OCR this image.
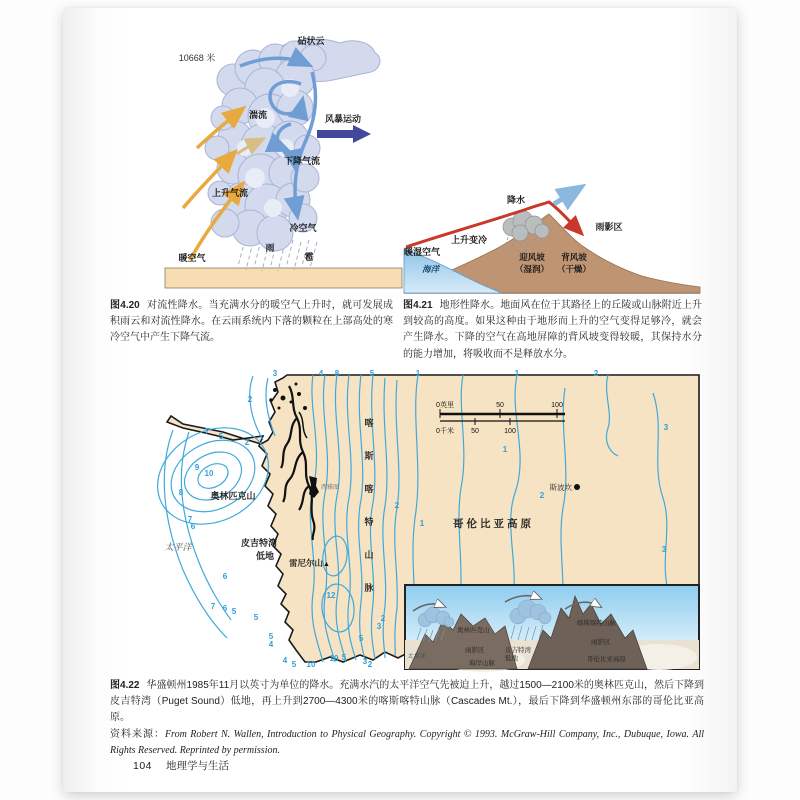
10668 米
砧状云
湍流	风暴运动
下降气流
上升气流
冷空气
暖空气
雨
雹

图4.20 对流性降水。当充满水分的暖空气上升时，就可发展成积雨云和对流性降水。在云雨系统内下落的颗粒在上部高处的寒冷空气中产生下降气流。

降水
雨影区
上升变冷
暖湿空气	迎风坡
（湿润）
背风坡
（干燥）
海洋

图4.21 地形性降水。地面风在位于其路径上的丘陵或山脉附近上升到较高的高度。如果这种由于地形而上升的空气变得足够冷，就会产生降水。下降的空气在高地屏障的背风坡变得较暖，其保持水分的能力增加，将吸收而不是释放水分。

3	4 8	5	1	1	2
2
7
5
2
3
3
9
10
8
7
6
6
1
2
1
2
12
2
3
5
7 6 5
5
5
4
4 5 10
10 5 3 2
西雅图
奥林匹克山
太平洋	皮吉特湾
低地
雷尼尔山 ▲
喀
斯
喀
特
山
脉
哥伦比亚高原
斯波坎
0英里	50	100
0千米 50	100
太平洋
奥林匹克山
雨影区
海岸山脉
皮吉特湾
低地
喀斯喀特山脉
雨影区
哥伦比亚高原

图4.22 华盛顿州1985年11月以英寸为单位的降水。充满水汽的太平洋空气先被迫上升，越过1500—2100米的奥林匹克山，然后下降到皮吉特湾（Puget Sound）低地，再上升到2700—4300米的喀斯喀特山脉（Cascades Mt.），最后下降到华盛顿州东部的哥伦比亚高原。
资料来源：From Robert N. Wallen, Introduction to Physical Geography. Copyright © 1993. McGraw-Hill Company, Inc., Dubuque, Iowa. All Rights Reserved. Reprinted by permission.

104 地理学与生活
